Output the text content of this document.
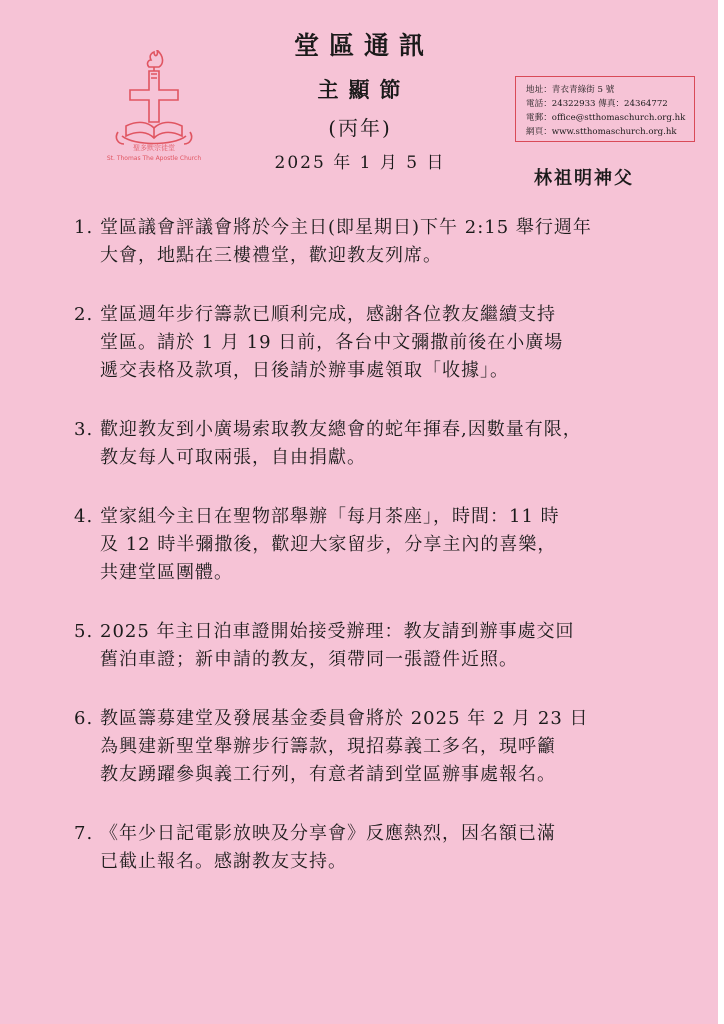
聖多默宗徒堂
St. Thomas The Apostle Church
堂區通訊
主顯節
(丙年)
2025 年 1 月 5 日
地址：青衣青綠街 5 號
電話：24322933 傳真：24364772
電郵：office@stthomaschurch.org.hk
網頁：www.stthomaschurch.org.hk
林祖明神父
1. 堂區議會評議會將於今主日(即星期日)下午 2:15 舉行週年
大會，地點在三樓禮堂，歡迎教友列席。
2. 堂區週年步行籌款已順利完成，感謝各位教友繼續支持
堂區。請於 1 月 19 日前，各台中文彌撒前後在小廣場
遞交表格及款項，日後請於辦事處領取「收據」。
3. 歡迎教友到小廣場索取教友總會的蛇年揮春,因數量有限，
教友每人可取兩張，自由捐獻。
4. 堂家組今主日在聖物部舉辦「每月茶座」，時間：11 時
及 12 時半彌撒後，歡迎大家留步，分享主內的喜樂，
共建堂區團體。
5. 2025 年主日泊車證開始接受辦理：教友請到辦事處交回
舊泊車證；新申請的教友，須帶同一張證件近照。
6. 教區籌募建堂及發展基金委員會將於 2025 年 2 月 23 日
為興建新聖堂舉辦步行籌款，現招募義工多名，現呼籲
教友踴躍參與義工行列，有意者請到堂區辦事處報名。
7. 《年少日記電影放映及分享會》反應熱烈，因名額已滿
已截止報名。感謝教友支持。
